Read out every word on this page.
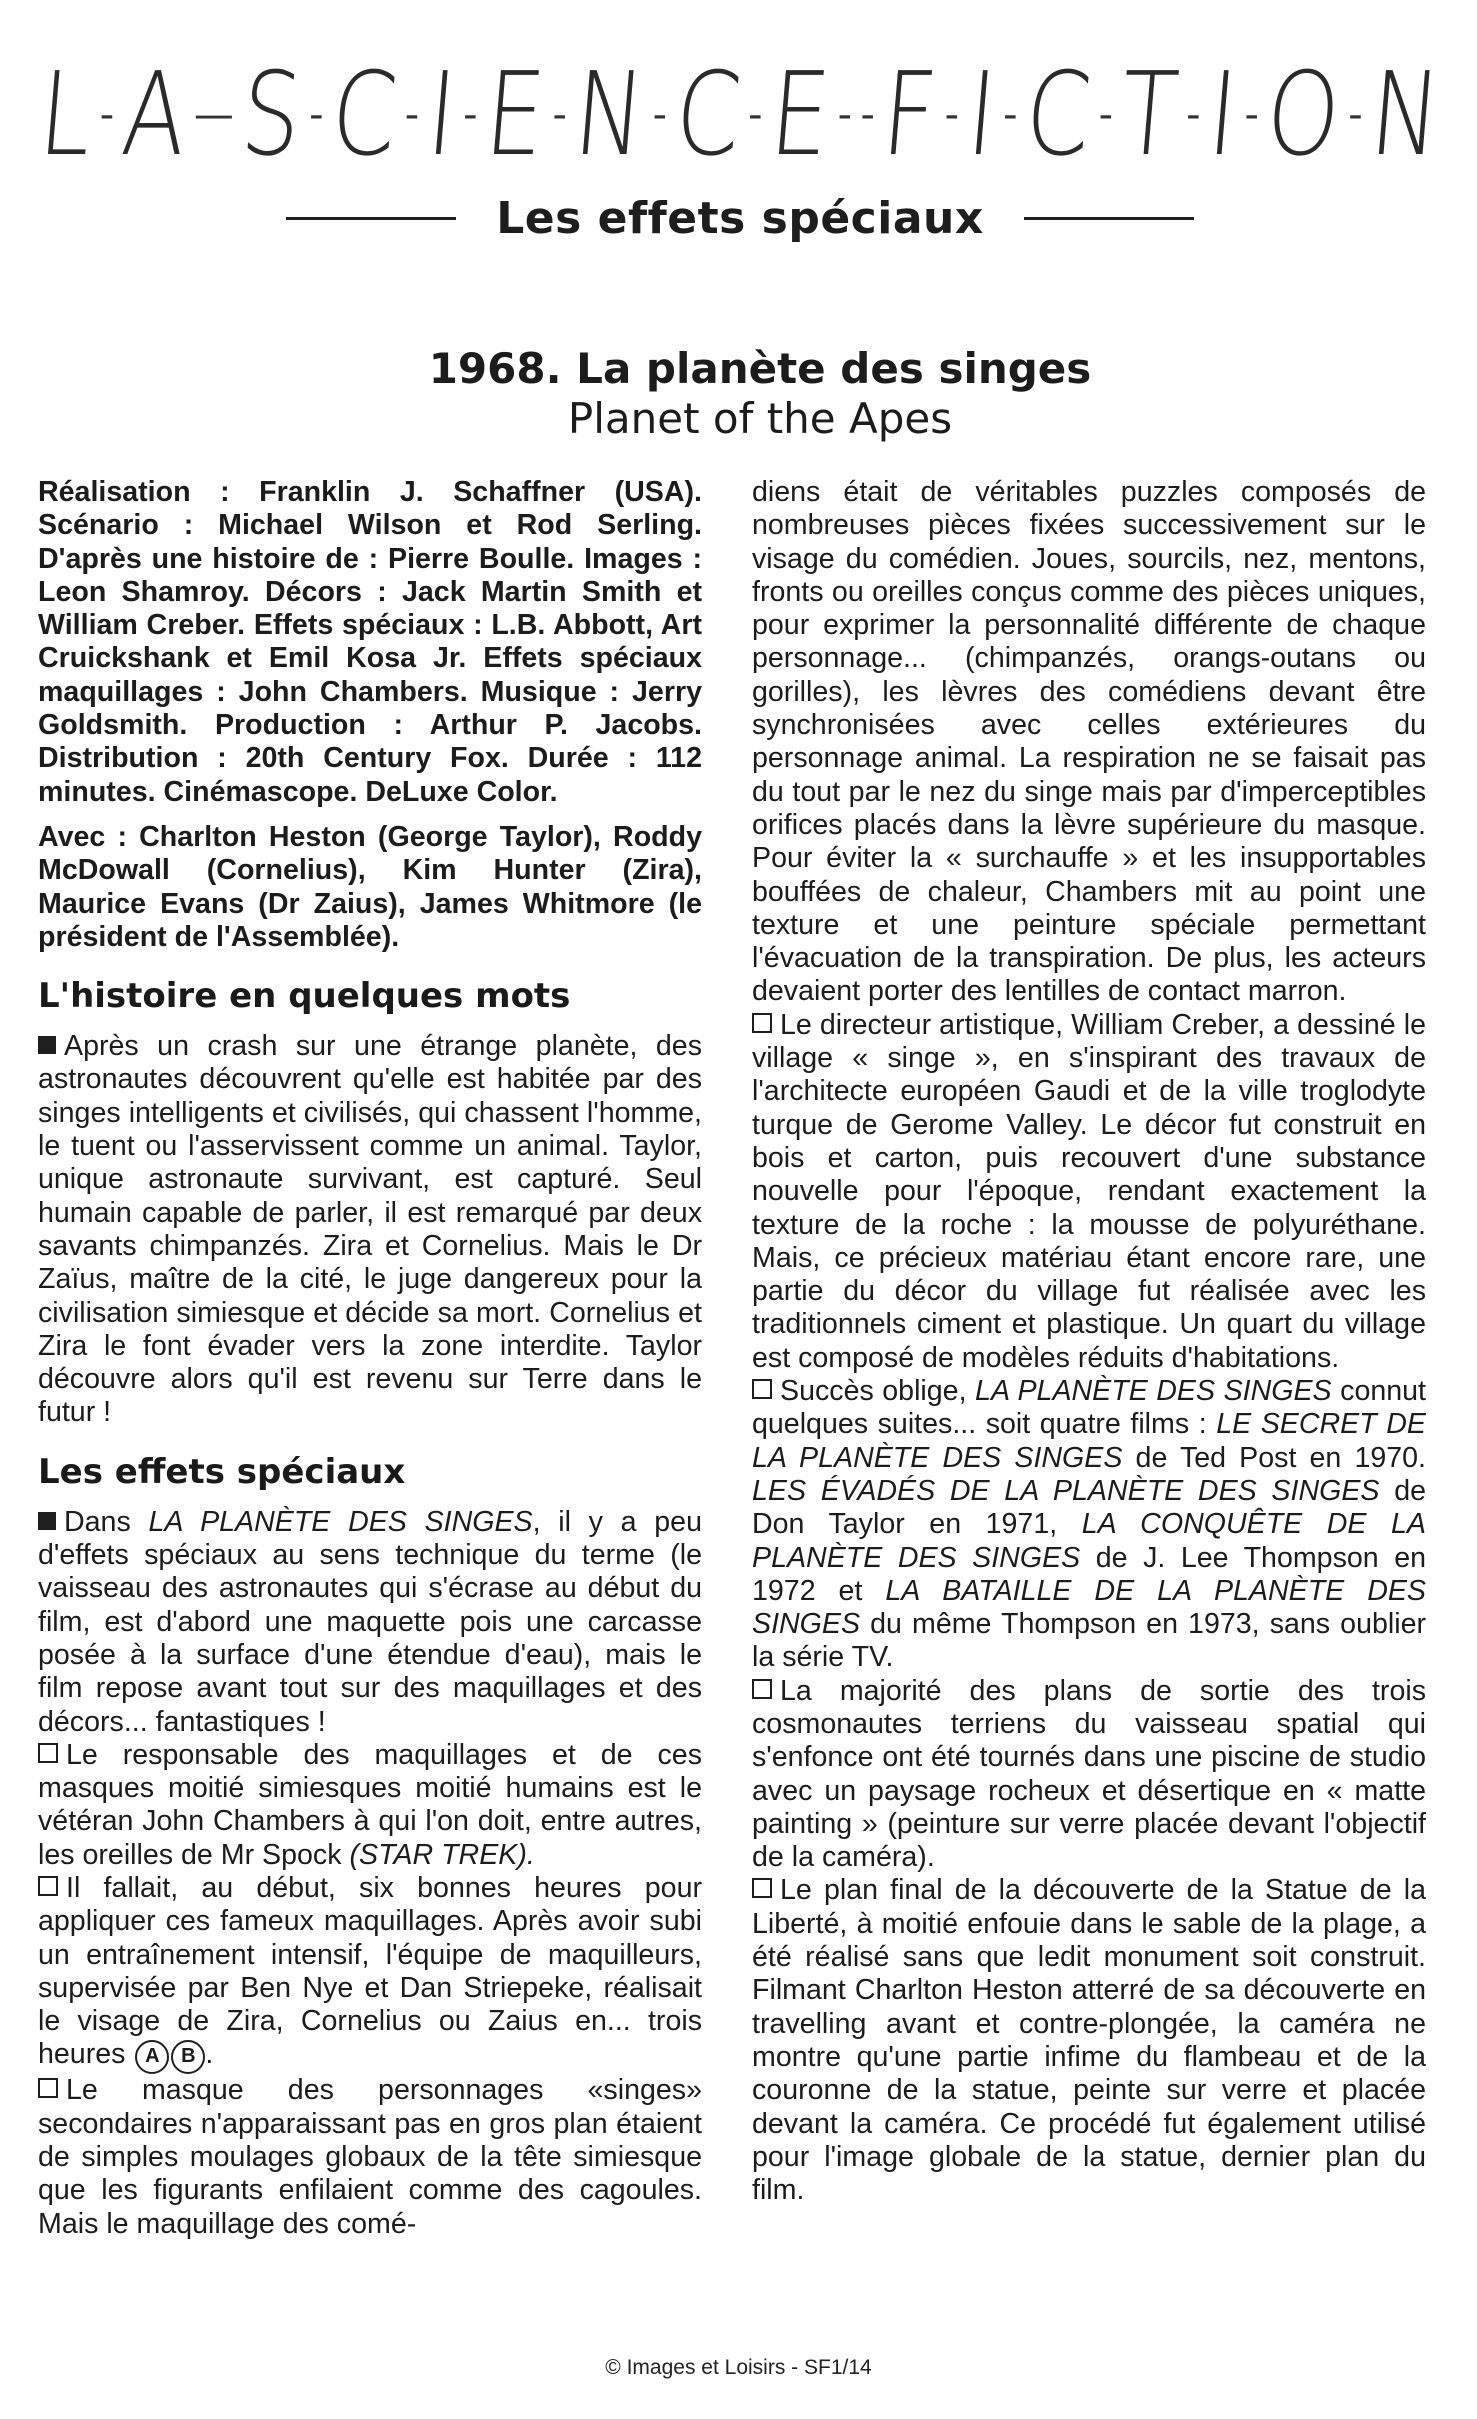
L - A — S - C - I - E - N - C - E - - F - I - C - T - I - O - N
Les effets spéciaux
1968. La planète des singes
Planet of the Apes

Réalisation : Franklin J. Schaffner (USA). Scénario : Michael Wilson et Rod Serling. D'après une histoire de : Pierre Boulle. Images : Leon Shamroy. Décors : Jack Martin Smith et William Creber. Effets spéciaux : L.B. Abbott, Art Cruickshank et Emil Kosa Jr. Effets spéciaux maquillages : John Chambers. Musique : Jerry Goldsmith. Production : Arthur P. Jacobs. Distribution : 20th Century Fox. Durée : 112 minutes. Cinémascope. DeLuxe Color.

Avec : Charlton Heston (George Taylor), Roddy McDowall (Cornelius), Kim Hunter (Zira), Maurice Evans (Dr Zaius), James Whitmore (le président de l'Assemblée).

L'histoire en quelques mots

Après un crash sur une étrange planète, des astronautes découvrent qu'elle est habitée par des singes intelligents et civilisés, qui chassent l'homme, le tuent ou l'asservissent comme un animal. Taylor, unique astronaute survivant, est capturé. Seul humain capable de parler, il est remarqué par deux savants chimpanzés. Zira et Cornelius. Mais le Dr Zaïus, maître de la cité, le juge dangereux pour la civilisation simiesque et décide sa mort. Cornelius et Zira le font évader vers la zone interdite. Taylor découvre alors qu'il est revenu sur Terre dans le futur !

Les effets spéciaux

Dans LA PLANÈTE DES SINGES, il y a peu d'effets spéciaux au sens technique du terme (le vaisseau des astronautes qui s'écrase au début du film, est d'abord une maquette pois une carcasse posée à la surface d'une étendue d'eau), mais le film repose avant tout sur des maquillages et des décors... fantastiques !

Le responsable des maquillages et de ces masques moitié simiesques moitié humains est le vétéran John Chambers à qui l'on doit, entre autres, les oreilles de Mr Spock (STAR TREK).

Il fallait, au début, six bonnes heures pour appliquer ces fameux maquillages. Après avoir subi un entraînement intensif, l'équipe de maquilleurs, supervisée par Ben Nye et Dan Striepeke, réalisait le visage de Zira, Cornelius ou Zaius en... trois heures A B .

Le masque des personnages «singes» secondaires n'apparaissant pas en gros plan étaient de simples moulages globaux de la tête simiesque que les figurants enfilaient comme des cagoules. Mais le maquillage des comé-

diens était de véritables puzzles composés de nombreuses pièces fixées successivement sur le visage du comédien. Joues, sourcils, nez, mentons, fronts ou oreilles conçus comme des pièces uniques, pour exprimer la personnalité différente de chaque personnage... (chimpanzés, orangs-outans ou gorilles), les lèvres des comédiens devant être synchronisées avec celles extérieures du personnage animal. La respiration ne se faisait pas du tout par le nez du singe mais par d'imperceptibles orifices placés dans la lèvre supérieure du masque. Pour éviter la « surchauffe » et les insupportables bouffées de chaleur, Chambers mit au point une texture et une peinture spéciale permettant l'évacuation de la transpiration. De plus, les acteurs devaient porter des lentilles de contact marron.

Le directeur artistique, William Creber, a dessiné le village « singe », en s'inspirant des travaux de l'architecte européen Gaudi et de la ville troglodyte turque de Gerome Valley. Le décor fut construit en bois et carton, puis recouvert d'une substance nouvelle pour l'époque, rendant exactement la texture de la roche : la mousse de polyuréthane. Mais, ce précieux matériau étant encore rare, une partie du décor du village fut réalisée avec les traditionnels ciment et plastique. Un quart du village est composé de modèles réduits d'habitations.

Succès oblige, LA PLANÈTE DES SINGES connut quelques suites... soit quatre films : LE SECRET DE LA PLANÈTE DES SINGES de Ted Post en 1970. LES ÉVADÉS DE LA PLANÈTE DES SINGES de Don Taylor en 1971, LA CONQUÊTE DE LA PLANÈTE DES SINGES de J. Lee Thompson en 1972 et LA BATAILLE DE LA PLANÈTE DES SINGES du même Thompson en 1973, sans oublier la série TV.

La majorité des plans de sortie des trois cosmonautes terriens du vaisseau spatial qui s'enfonce ont été tournés dans une piscine de studio avec un paysage rocheux et désertique en « matte painting » (peinture sur verre placée devant l'objectif de la caméra).

Le plan final de la découverte de la Statue de la Liberté, à moitié enfouie dans le sable de la plage, a été réalisé sans que ledit monument soit construit. Filmant Charlton Heston atterré de sa découverte en travelling avant et contre-plongée, la caméra ne montre qu'une partie infime du flambeau et de la couronne de la statue, peinte sur verre et placée devant la caméra. Ce procédé fut également utilisé pour l'image globale de la statue, dernier plan du film.

© Images et Loisirs - SF1/14
